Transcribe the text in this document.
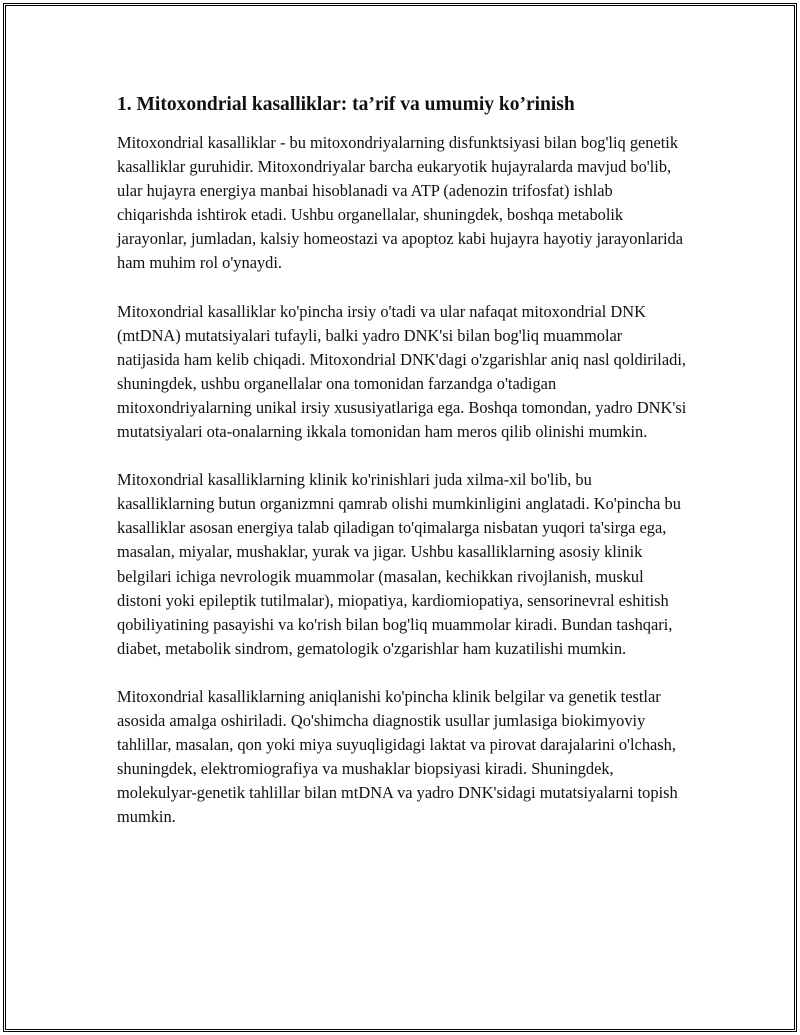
1. Mitoxondrial kasalliklar: ta’rif va umumiy ko’rinish

Mitoxondrial kasalliklar - bu mitoxondriyalarning disfunktsiyasi bilan bog'liq genetik kasalliklar guruhidir. Mitoxondriyalar barcha eukaryotik hujayralarda mavjud bo'lib, ular hujayra energiya manbai hisoblanadi va ATP (adenozin trifosfat) ishlab chiqarishda ishtirok etadi. Ushbu organellalar, shuningdek, boshqa metabolik jarayonlar, jumladan, kalsiy homeostazi va apoptoz kabi hujayra hayotiy jarayonlarida ham muhim rol o'ynaydi.

Mitoxondrial kasalliklar ko'pincha irsiy o'tadi va ular nafaqat mitoxondrial DNK (mtDNA) mutatsiyalari tufayli, balki yadro DNK'si bilan bog'liq muammolar natijasida ham kelib chiqadi. Mitoxondrial DNK'dagi o'zgarishlar aniq nasl qoldiriladi, shuningdek, ushbu organellalar ona tomonidan farzandga o'tadigan mitoxondriyalarning unikal irsiy xususiyatlariga ega. Boshqa tomondan, yadro DNK'si mutatsiyalari ota-onalarning ikkala tomonidan ham meros qilib olinishi mumkin.

Mitoxondrial kasalliklarning klinik ko'rinishlari juda xilma-xil bo'lib, bu kasalliklarning butun organizmni qamrab olishi mumkinligini anglatadi. Ko'pincha bu kasalliklar asosan energiya talab qiladigan to'qimalarga nisbatan yuqori ta'sirga ega, masalan, miyalar, mushaklar, yurak va jigar. Ushbu kasalliklarning asosiy klinik belgilari ichiga nevrologik muammolar (masalan, kechikkan rivojlanish, muskul distoni yoki epileptik tutilmalar), miopatiya, kardiomiopatiya, sensorinevral eshitish qobiliyatining pasayishi va ko'rish bilan bog'liq muammolar kiradi. Bundan tashqari, diabet, metabolik sindrom, gematologik o'zgarishlar ham kuzatilishi mumkin.

Mitoxondrial kasalliklarning aniqlanishi ko'pincha klinik belgilar va genetik testlar asosida amalga oshiriladi. Qo'shimcha diagnostik usullar jumlasiga biokimyoviy tahlillar, masalan, qon yoki miya suyuqligidagi laktat va pirovat darajalarini o'lchash, shuningdek, elektromiografiya va mushaklar biopsiyasi kiradi. Shuningdek, molekulyar-genetik tahlillar bilan mtDNA va yadro DNK'sidagi mutatsiyalarni topish mumkin.
